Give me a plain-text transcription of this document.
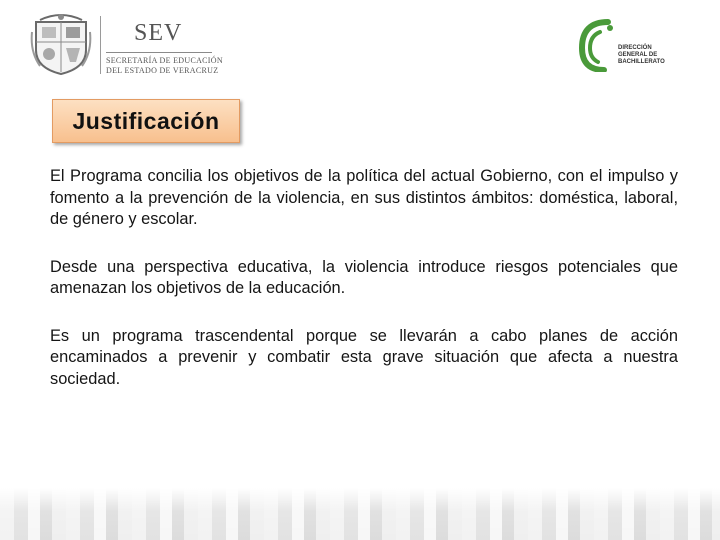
SEV
SECRETARÍA DE EDUCACIÓN
DEL ESTADO DE VERACRUZ
DIRECCIÓN
GENERAL DE
BACHILLERATO
Justificación

El Programa concilia los objetivos de la política del actual Gobierno, con el impulso y fomento a la prevención de la violencia, en sus distintos ámbitos: doméstica, laboral, de género y escolar.

Desde una perspectiva educativa, la violencia introduce riesgos potenciales que amenazan los objetivos de la educación.

Es un programa trascendental porque se llevarán a cabo planes de acción encaminados a prevenir y combatir esta grave situación que afecta a nuestra sociedad.
